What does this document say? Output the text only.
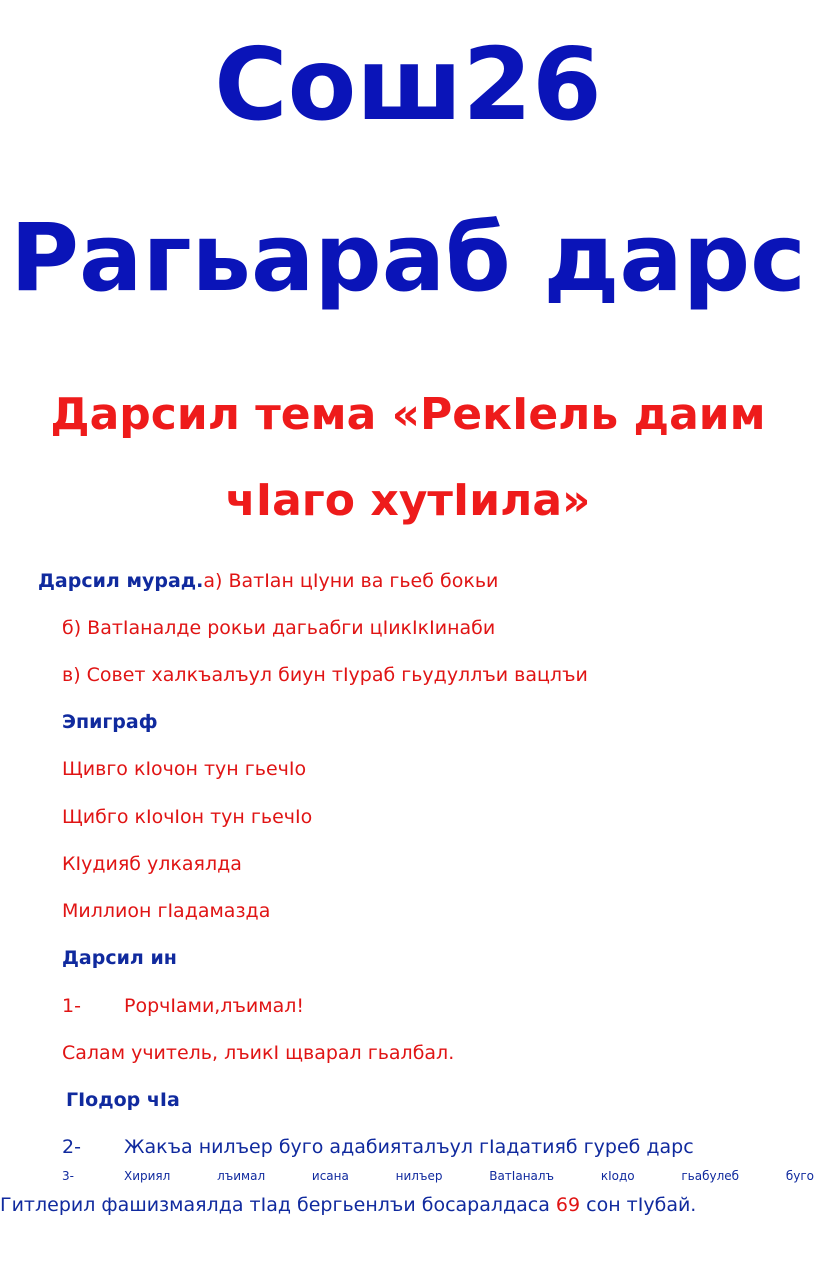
Сош26
Рагьараб дарс
Дарсил тема «РекIель даим
чIаго хутIила»
Дарсил мурад.а) ВатIан цIуни ва гьеб бокьи
б) ВатIаналде рокьи дагьабги цIикIкIинаби
в) Совет халкъалъул биун тIураб гьудуллъи вацлъи
Эпиграф
Щивго кIочон тун гьечIо
Щибго кIочIон тун гьечIо
КIудияб улкаялда
Миллион гIадамазда
Дарсил ин
1- РорчIами,лъимал!
Салам учитель, лъикI щварал гьалбал.
ГIодор чIа
2- Жакъа нилъер буго адабияталъул гIадатияб гуреб дарс
3-	Хириял лъимал исана нилъер ВатIаналъ кIодо гьабулеб буго
Гитлерил фашизмаялда тIад бергьенлъи босаралдаса 69 сон тIубай.
